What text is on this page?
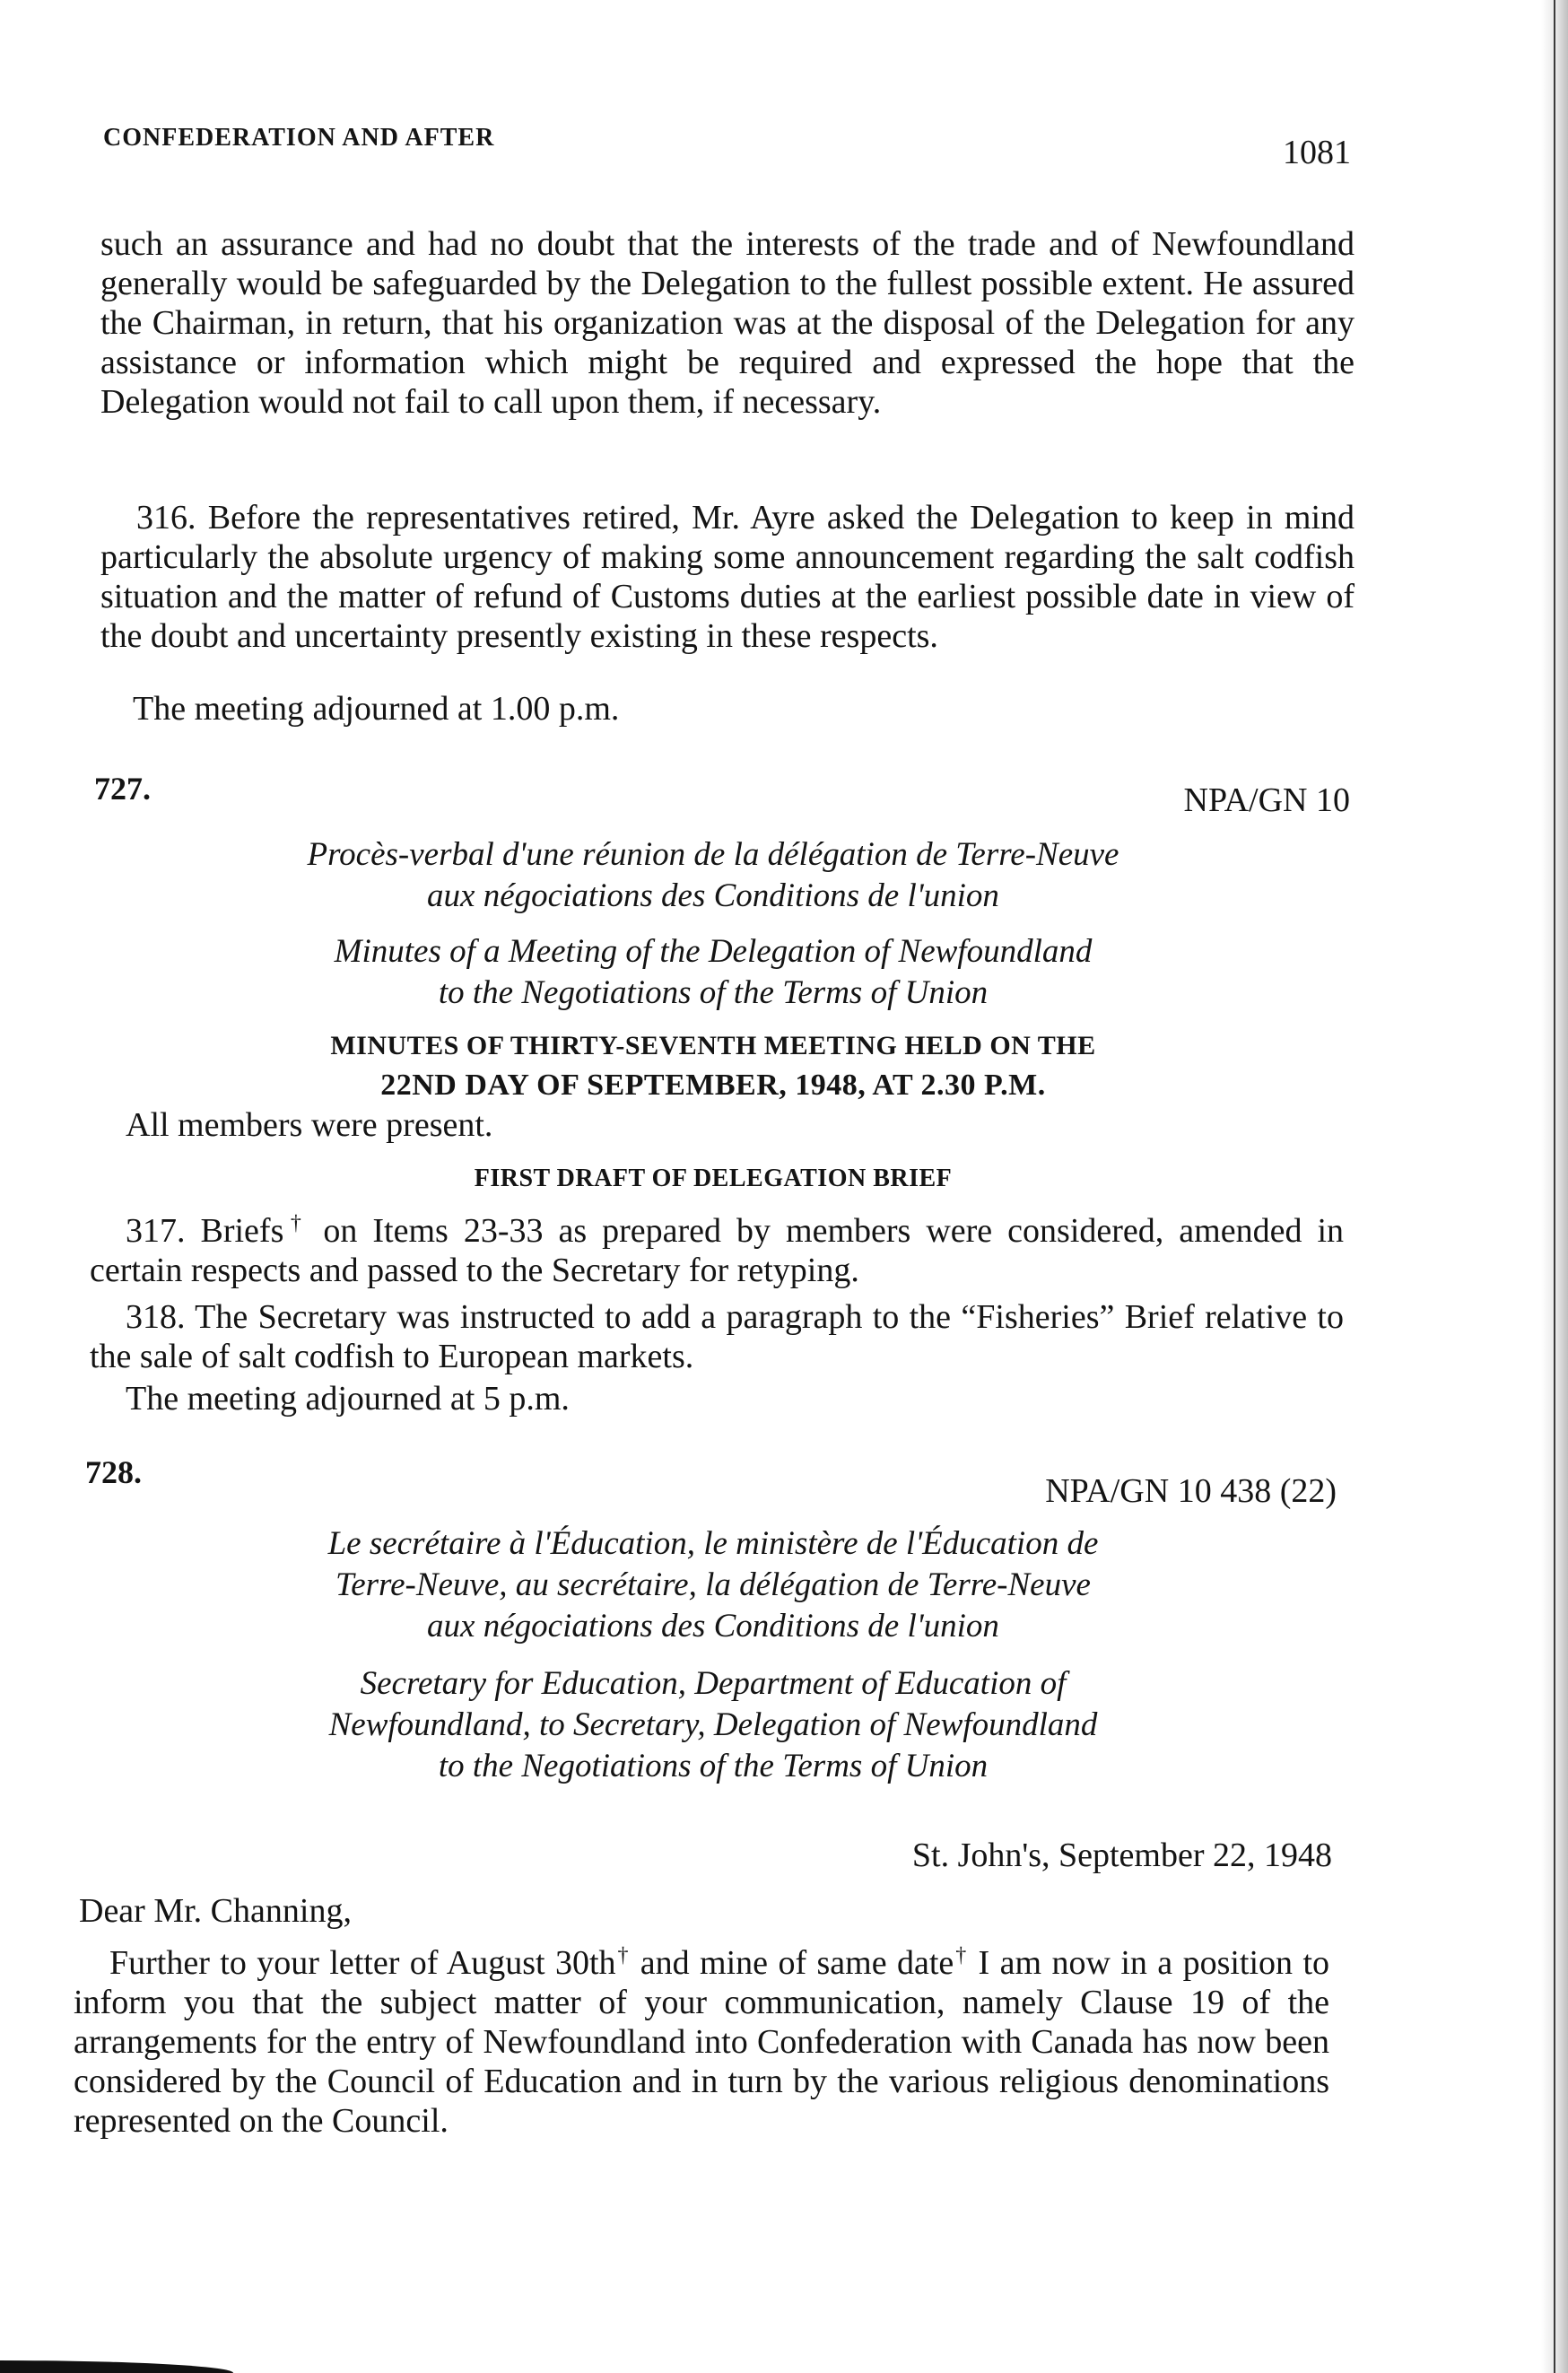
CONFEDERATION AND AFTER	1081

such an assurance and had no doubt that the interests of the trade and of Newfoundland generally would be safeguarded by the Delegation to the fullest possible extent. He assured the Chairman, in return, that his organization was at the disposal of the Delegation for any assistance or information which might be required and expressed the hope that the Delegation would not fail to call upon them, if necessary.

316. Before the representatives retired, Mr. Ayre asked the Delegation to keep in mind particularly the absolute urgency of making some announcement regarding the salt codfish situation and the matter of refund of Customs duties at the earliest possible date in view of the doubt and uncertainty presently existing in these respects.

The meeting adjourned at 1.00 p.m.

727.	NPA/GN 10

Procès-verbal d'une réunion de la délégation de Terre-Neuve

aux négociations des Conditions de l'union

Minutes of a Meeting of the Delegation of Newfoundland

to the Negotiations of the Terms of Union

MINUTES OF THIRTY-SEVENTH MEETING HELD ON THE

22ND DAY OF SEPTEMBER, 1948, AT 2.30 P.M.

All members were present.

FIRST DRAFT OF DELEGATION BRIEF

317. Briefs† on Items 23-33 as prepared by members were considered, amended in certain respects and passed to the Secretary for retyping.

318. The Secretary was instructed to add a paragraph to the “Fisheries” Brief relative to the sale of salt codfish to European markets.

The meeting adjourned at 5 p.m.

728.	NPA/GN 10 438 (22)

Le secrétaire à l'Éducation, le ministère de l'Éducation de

Terre-Neuve, au secrétaire, la délégation de Terre-Neuve

aux négociations des Conditions de l'union

Secretary for Education, Department of Education of

Newfoundland, to Secretary, Delegation of Newfoundland

to the Negotiations of the Terms of Union

St. John's, September 22, 1948

Dear Mr. Channing,

Further to your letter of August 30th† and mine of same date† I am now in a position to inform you that the subject matter of your communication, namely Clause 19 of the arrangements for the entry of Newfoundland into Confederation with Canada has now been considered by the Council of Education and in turn by the various religious denominations represented on the Council.
